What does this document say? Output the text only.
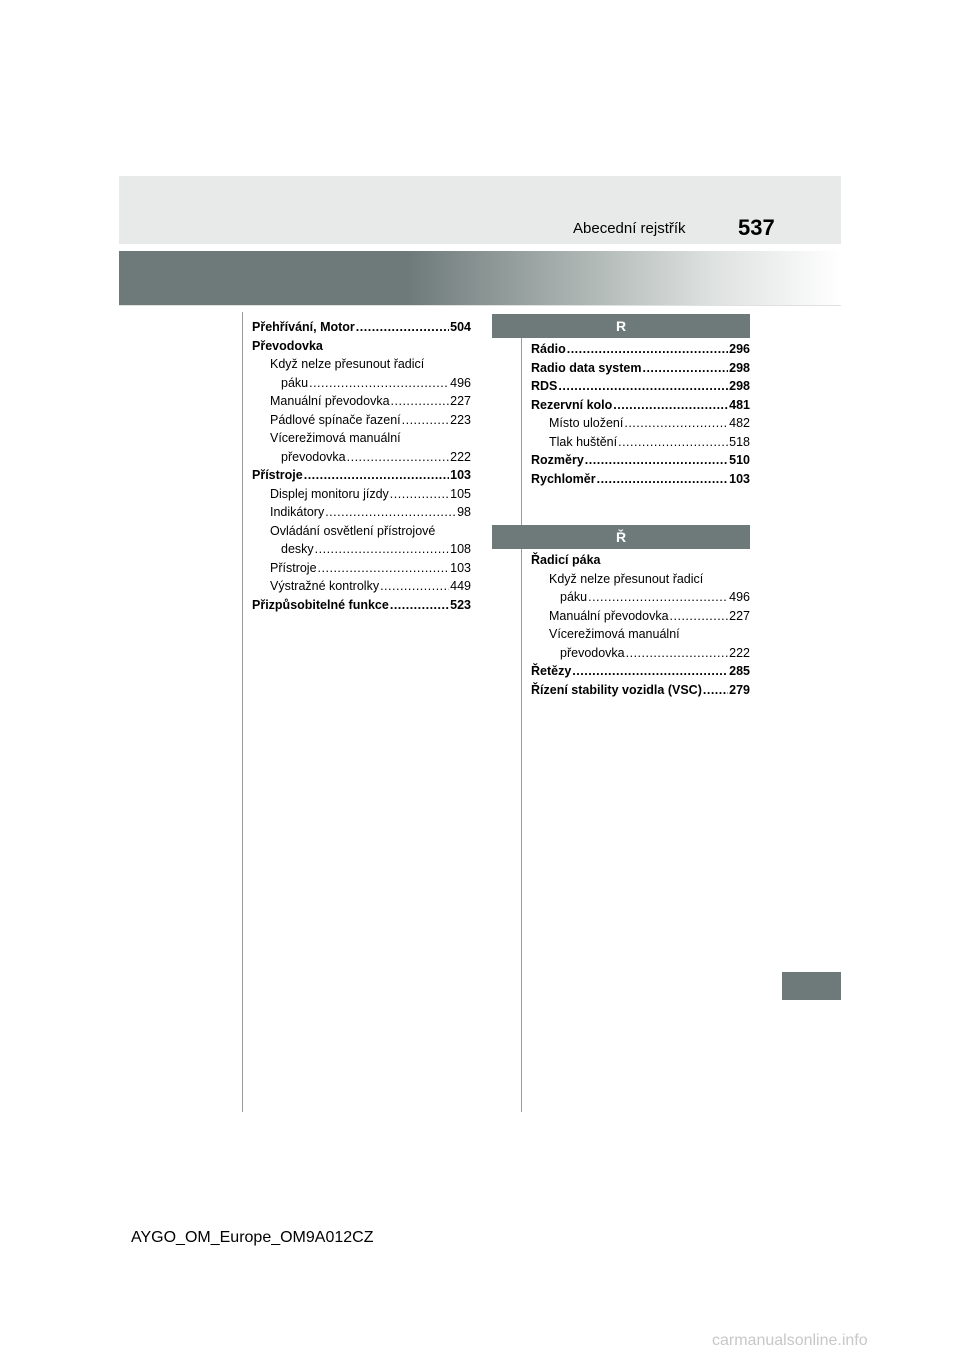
Abecední rejstřík 537
Přehřívání, Motor .....	504
Převodovka
Když nelze přesunout řadicí
páku .....	496
Manuální převodovka .....	227
Pádlové spínače řazení .....	223
Vícerežimová manuální
převodovka .....	222
Přístroje .....	103
Displej monitoru jízdy .....	105
Indikátory .....	98
Ovládání osvětlení přístrojové
desky .....	108
Přístroje .....	103
Výstražné kontrolky .....	449
Přizpůsobitelné funkce .....	523
R
Rádio .....	296
Radio data system .....	298
RDS .....	298
Rezervní kolo .....	481
Místo uložení .....	482
Tlak huštění .....	518
Rozměry .....	510
Rychloměr .....	103
Ř
Řadicí páka
Když nelze přesunout řadicí
páku .....	496
Manuální převodovka .....	227
Vícerežimová manuální
převodovka .....	222
Řetězy .....	285
Řízení stability vozidla (VSC) ..... 279
AYGO_OM_Europe_OM9A012CZ
carmanualsonline.info
